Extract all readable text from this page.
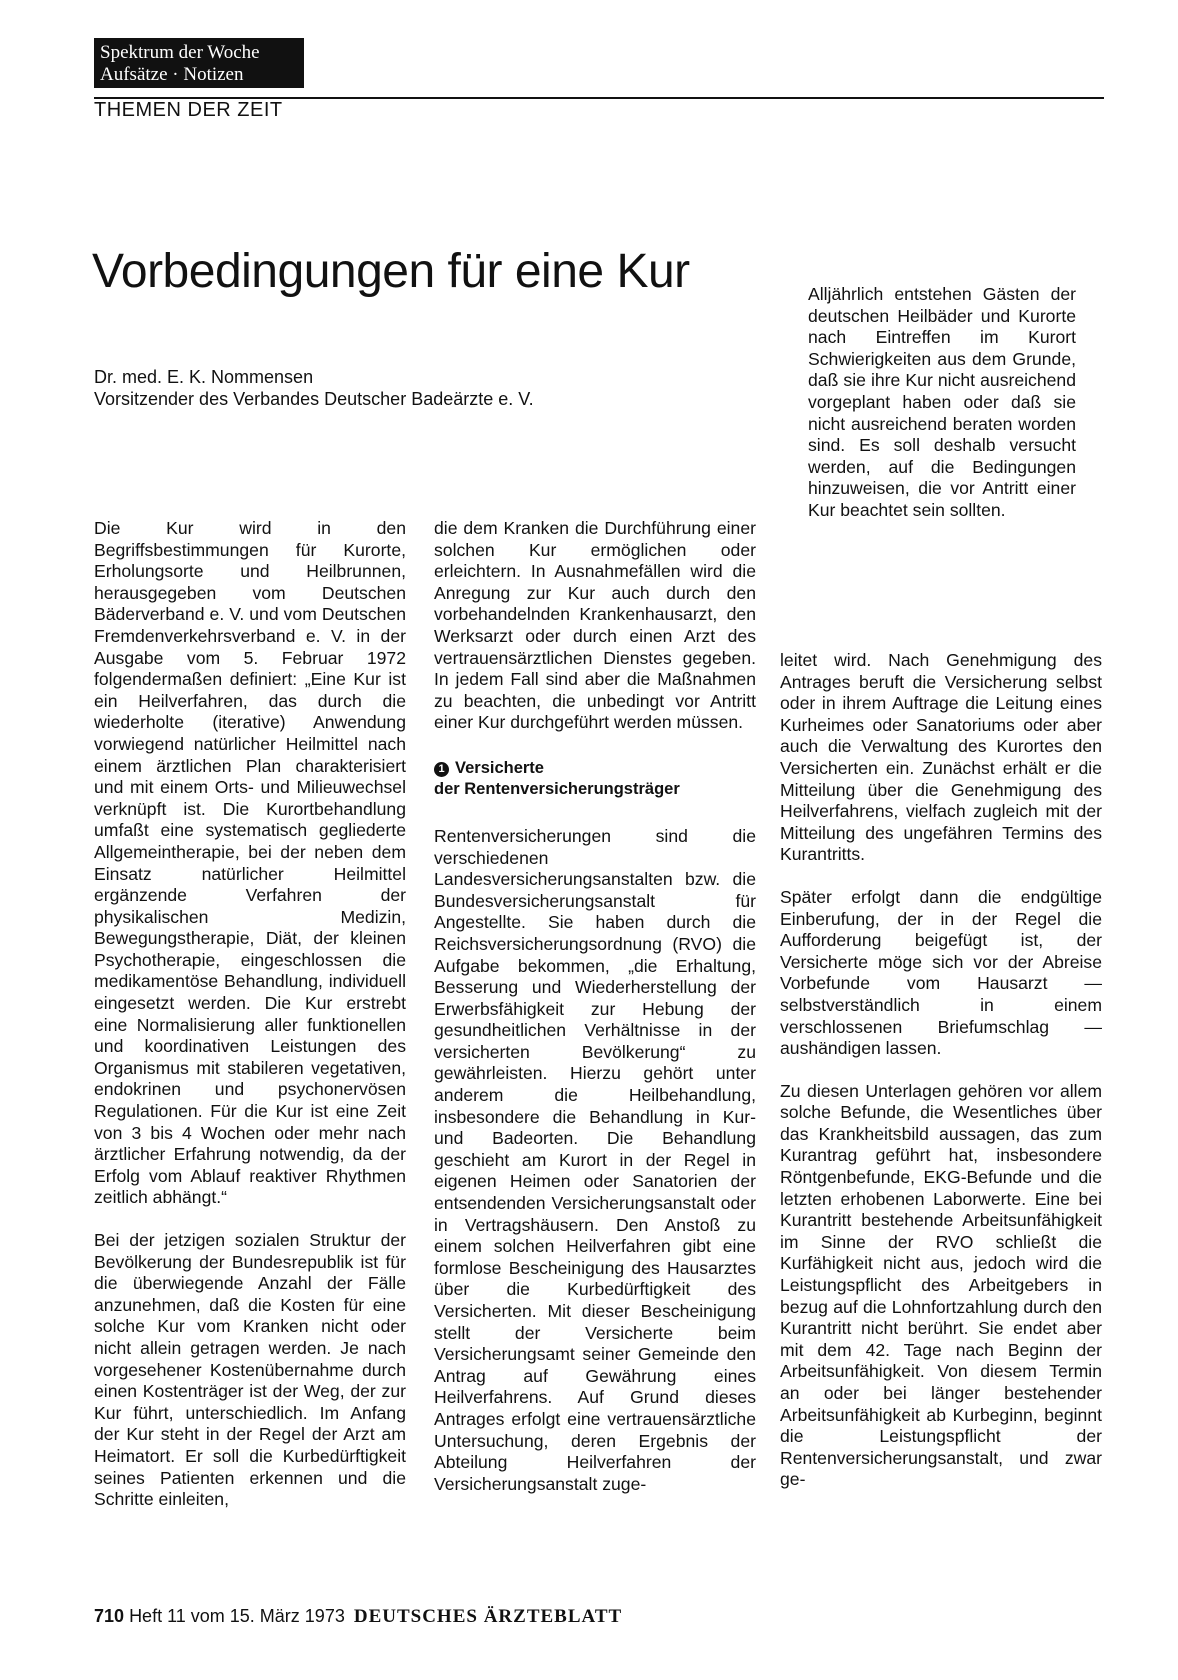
Spektrum der Woche
Aufsätze · Notizen
THEMEN DER ZEIT
Vorbedingungen für eine Kur
Dr. med. E. K. Nommensen
Vorsitzender des Verbandes Deutscher Badeärzte e. V.
Alljährlich entstehen Gästen der deutschen Heilbäder und Kurorte nach Eintreffen im Kurort Schwierigkeiten aus dem Grunde, daß sie ihre Kur nicht ausreichend vorgeplant haben oder daß sie nicht ausreichend beraten worden sind. Es soll deshalb versucht werden, auf die Bedingungen hinzuweisen, die vor Antritt einer Kur beachtet sein sollten.

Die Kur wird in den Begriffsbestimmungen für Kurorte, Erholungsorte und Heilbrunnen, herausgegeben vom Deutschen Bäderverband e. V. und vom Deutschen Fremdenverkehrsverband e. V. in der Ausgabe vom 5. Februar 1972 folgendermaßen definiert: „Eine Kur ist ein Heilverfahren, das durch die wiederholte (iterative) Anwendung vorwiegend natürlicher Heilmittel nach einem ärztlichen Plan charakterisiert und mit einem Orts- und Milieuwechsel verknüpft ist. Die Kurortbehandlung umfaßt eine systematisch gegliederte Allgemeintherapie, bei der neben dem Einsatz natürlicher Heilmittel ergänzende Verfahren der physikalischen Medizin, Bewegungstherapie, Diät, der kleinen Psychotherapie, eingeschlossen die medikamentöse Behandlung, individuell eingesetzt werden. Die Kur erstrebt eine Normalisierung aller funktionellen und koordinativen Leistungen des Organismus mit stabileren vegetativen, endokrinen und psychonervösen Regulationen. Für die Kur ist eine Zeit von 3 bis 4 Wochen oder mehr nach ärztlicher Erfahrung notwendig, da der Erfolg vom Ablauf reaktiver Rhythmen zeitlich abhängt.“

Bei der jetzigen sozialen Struktur der Bevölkerung der Bundesrepublik ist für die überwiegende Anzahl der Fälle anzunehmen, daß die Kosten für eine solche Kur vom Kranken nicht oder nicht allein getragen werden. Je nach vorgesehener Kostenübernahme durch einen Kostenträger ist der Weg, der zur Kur führt, unterschiedlich. Im Anfang der Kur steht in der Regel der Arzt am Heimatort. Er soll die Kurbedürftigkeit seines Patienten erkennen und die Schritte einleiten,

die dem Kranken die Durchführung einer solchen Kur ermöglichen oder erleichtern. In Ausnahmefällen wird die Anregung zur Kur auch durch den vorbehandelnden Krankenhausarzt, den Werksarzt oder durch einen Arzt des vertrauensärztlichen Dienstes gegeben. In jedem Fall sind aber die Maßnahmen zu beachten, die unbedingt vor Antritt einer Kur durchgeführt werden müssen.

1 Versicherte
der Rentenversicherungsträger

Rentenversicherungen sind die verschiedenen Landesversicherungsanstalten bzw. die Bundesversicherungsanstalt für Angestellte. Sie haben durch die Reichsversicherungsordnung (RVO) die Aufgabe bekommen, „die Erhaltung, Besserung und Wiederherstellung der Erwerbsfähigkeit zur Hebung der gesundheitlichen Verhältnisse in der versicherten Bevölkerung“ zu gewährleisten. Hierzu gehört unter anderem die Heilbehandlung, insbesondere die Behandlung in Kur- und Badeorten. Die Behandlung geschieht am Kurort in der Regel in eigenen Heimen oder Sanatorien der entsendenden Versicherungsanstalt oder in Vertragshäusern. Den Anstoß zu einem solchen Heilverfahren gibt eine formlose Bescheinigung des Hausarztes über die Kurbedürftigkeit des Versicherten. Mit dieser Bescheinigung stellt der Versicherte beim Versicherungsamt seiner Gemeinde den Antrag auf Gewährung eines Heilverfahrens. Auf Grund dieses Antrages erfolgt eine vertrauensärztliche Untersuchung, deren Ergebnis der Abteilung Heilverfahren der Versicherungsanstalt zuge-

leitet wird. Nach Genehmigung des Antrages beruft die Versicherung selbst oder in ihrem Auftrage die Leitung eines Kurheimes oder Sanatoriums oder aber auch die Verwaltung des Kurortes den Versicherten ein. Zunächst erhält er die Mitteilung über die Genehmigung des Heilverfahrens, vielfach zugleich mit der Mitteilung des ungefähren Termins des Kurantritts.

Später erfolgt dann die endgültige Einberufung, der in der Regel die Aufforderung beigefügt ist, der Versicherte möge sich vor der Abreise Vorbefunde vom Hausarzt — selbstverständlich in einem verschlossenen Briefumschlag — aushändigen lassen.

Zu diesen Unterlagen gehören vor allem solche Befunde, die Wesentliches über das Krankheitsbild aussagen, das zum Kurantrag geführt hat, insbesondere Röntgenbefunde, EKG-Befunde und die letzten erhobenen Laborwerte. Eine bei Kurantritt bestehende Arbeitsunfähigkeit im Sinne der RVO schließt die Kurfähigkeit nicht aus, jedoch wird die Leistungspflicht des Arbeitgebers in bezug auf die Lohnfortzahlung durch den Kurantritt nicht berührt. Sie endet aber mit dem 42. Tage nach Beginn der Arbeitsunfähigkeit. Von diesem Termin an oder bei länger bestehender Arbeitsunfähigkeit ab Kurbeginn, beginnt die Leistungspflicht der Rentenversicherungsanstalt, und zwar ge-

710 Heft 11 vom 15. März 1973 DEUTSCHES ÄRZTEBLATT
